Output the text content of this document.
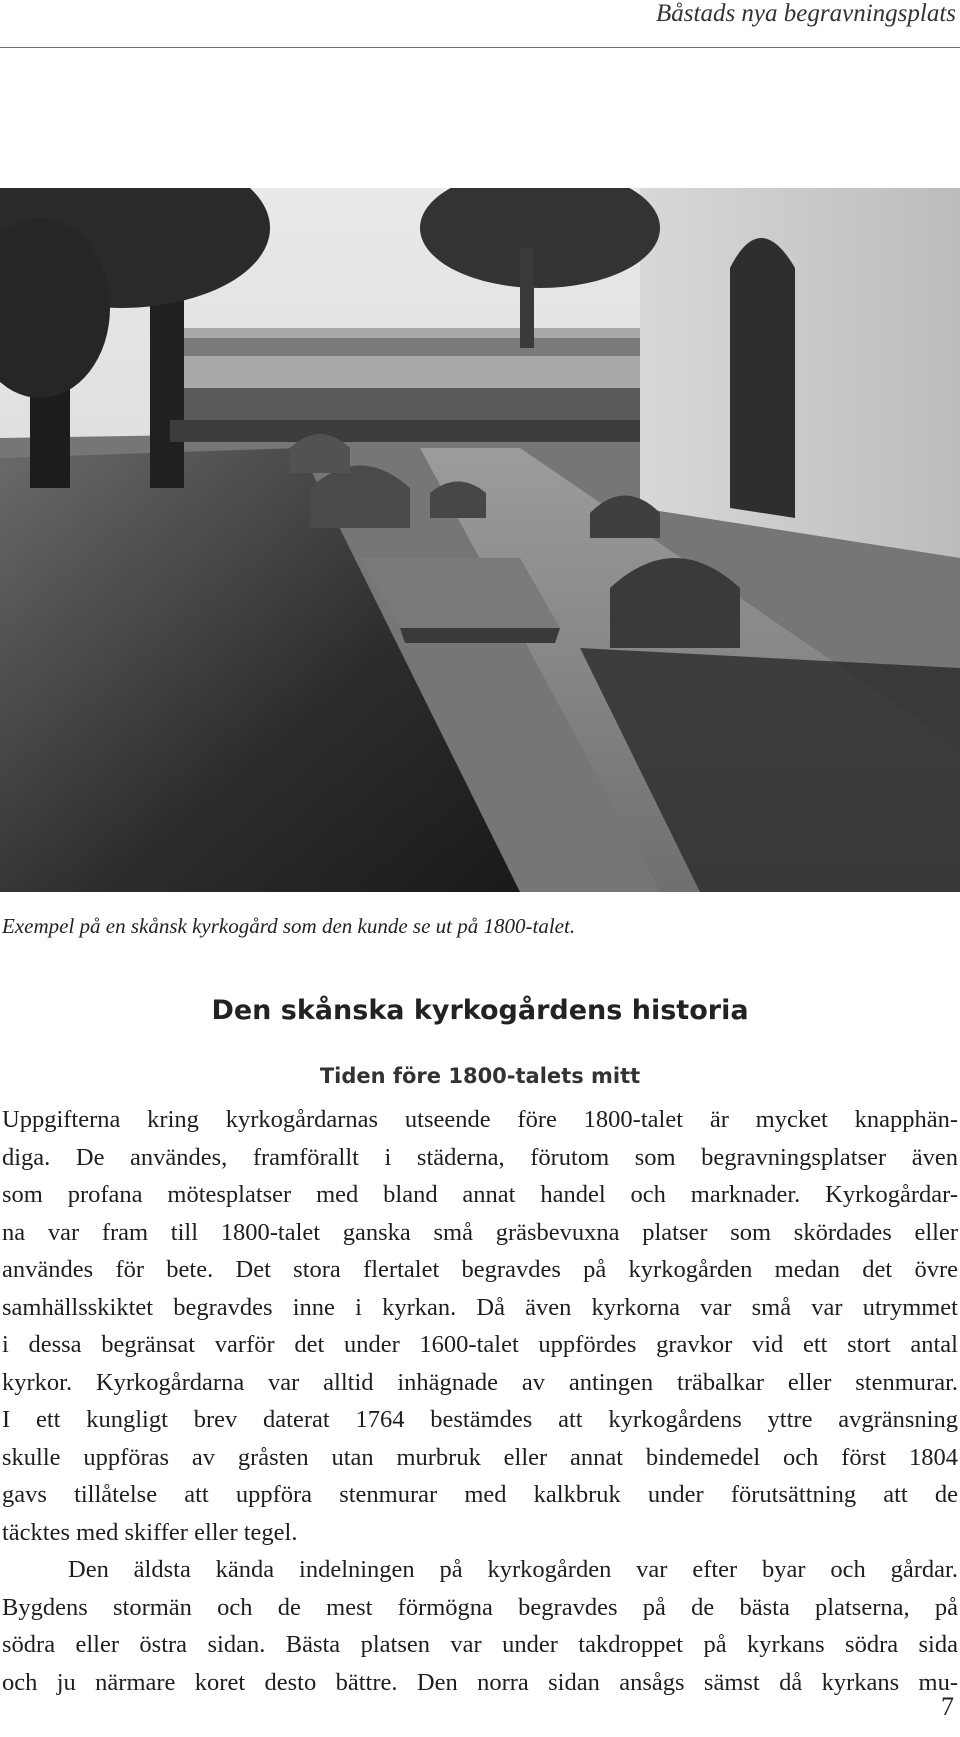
Båstads nya begravningsplats
Exempel på en skånsk kyrkogård som den kunde se ut på 1800-talet.
Den skånska kyrkogårdens historia
Tiden före 1800-talets mitt
Uppgifterna kring kyrkogårdarnas utseende före 1800-talet är mycket knapphän-
diga. De användes, framförallt i städerna, förutom som begravningsplatser även
som profana mötesplatser med bland annat handel och marknader. Kyrkogårdar-
na var fram till 1800-talet ganska små gräsbevuxna platser som skördades eller
användes för bete. Det stora flertalet begravdes på kyrkogården medan det övre
samhällsskiktet begravdes inne i kyrkan. Då även kyrkorna var små var utrymmet
i dessa begränsat varför det under 1600-talet uppfördes gravkor vid ett stort antal
kyrkor. Kyrkogårdarna var alltid inhägnade av antingen träbalkar eller stenmurar.
I ett kungligt brev daterat 1764 bestämdes att kyrkogårdens yttre avgränsning
skulle uppföras av gråsten utan murbruk eller annat bindemedel och först 1804
gavs tillåtelse att uppföra stenmurar med kalkbruk under förutsättning att de
täcktes med skiffer eller tegel.
Den äldsta kända indelningen på kyrkogården var efter byar och gårdar.
Bygdens stormän och de mest förmögna begravdes på de bästa platserna, på
södra eller östra sidan. Bästa platsen var under takdroppet på kyrkans södra sida
och ju närmare koret desto bättre. Den norra sidan ansågs sämst då kyrkans mu-
7
